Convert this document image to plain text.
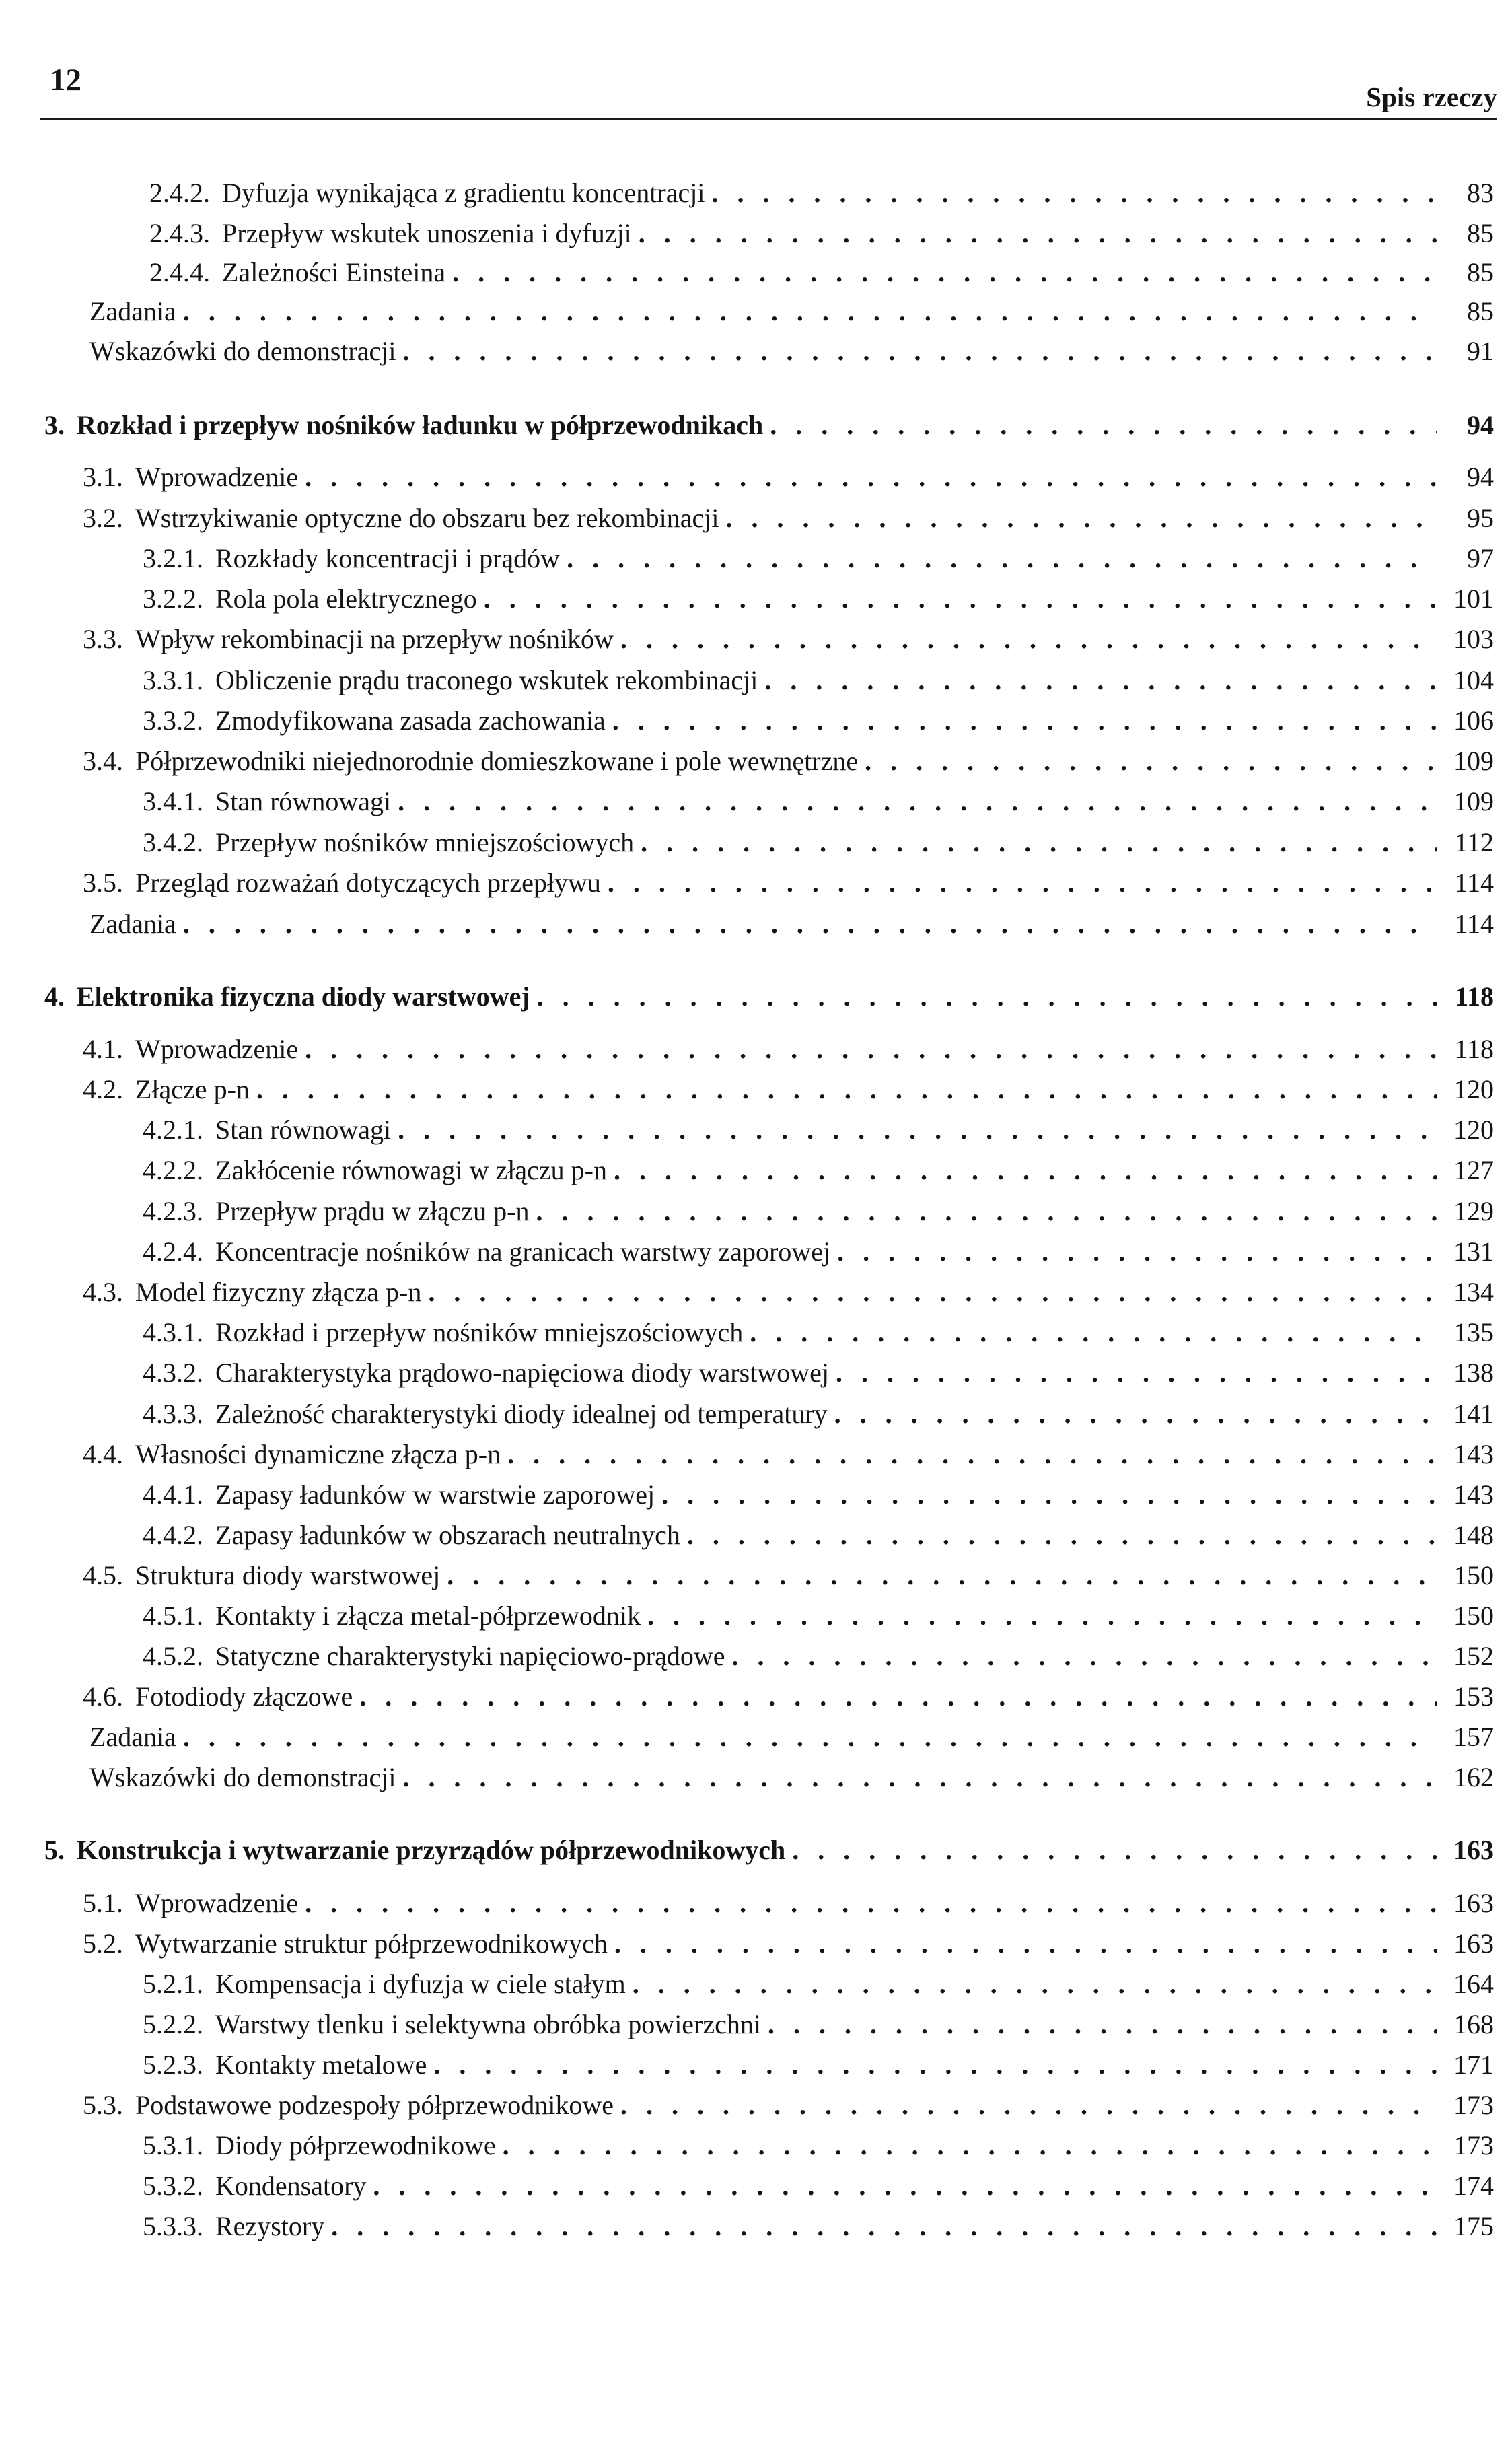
12	Spis rzeczy
2.4.2. Dyfuzja wynikająca z gradientu koncentracji . . .	83
2.4.3. Przepływ wskutek unoszenia i dyfuzji . . .	85
2.4.4. Zależności Einsteina . . .	85
Zadania . . .	85
Wskazówki do demonstracji . . .	91
3. Rozkład i przepływ nośników ładunku w półprzewodnikach . . .	94
3.1. Wprowadzenie . . .	94
3.2. Wstrzykiwanie optyczne do obszaru bez rekombinacji . . .	95
3.2.1. Rozkłady koncentracji i prądów . . .	97
3.2.2. Rola pola elektrycznego . . .	101
3.3. Wpływ rekombinacji na przepływ nośników . . .	103
3.3.1. Obliczenie prądu traconego wskutek rekombinacji . . .	104
3.3.2. Zmodyfikowana zasada zachowania . . .	106
3.4. Półprzewodniki niejednorodnie domieszkowane i pole wewnętrzne . . .	109
3.4.1. Stan równowagi . . .	109
3.4.2. Przepływ nośników mniejszościowych . . .	112
3.5. Przegląd rozważań dotyczących przepływu . . .	114
Zadania . . .	114
4. Elektronika fizyczna diody warstwowej . . .	118
4.1. Wprowadzenie . . .	118
4.2. Złącze p-n . . .	120
4.2.1. Stan równowagi . . .	120
4.2.2. Zakłócenie równowagi w złączu p-n . . .	127
4.2.3. Przepływ prądu w złączu p-n . . .	129
4.2.4. Koncentracje nośników na granicach warstwy zaporowej . . .	131
4.3. Model fizyczny złącza p-n . . .	134
4.3.1. Rozkład i przepływ nośników mniejszościowych . . .	135
4.3.2. Charakterystyka prądowo-napięciowa diody warstwowej . . .	138
4.3.3. Zależność charakterystyki diody idealnej od temperatury . . .	141
4.4. Własności dynamiczne złącza p-n . . .	143
4.4.1. Zapasy ładunków w warstwie zaporowej . . .	143
4.4.2. Zapasy ładunków w obszarach neutralnych . . .	148
4.5. Struktura diody warstwowej . . .	150
4.5.1. Kontakty i złącza metal-półprzewodnik . . .	150
4.5.2. Statyczne charakterystyki napięciowo-prądowe . . .	152
4.6. Fotodiody złączowe . . .	153
Zadania . . .	157
Wskazówki do demonstracji . . .	162
5. Konstrukcja i wytwarzanie przyrządów półprzewodnikowych . . .	163
5.1. Wprowadzenie . . .	163
5.2. Wytwarzanie struktur półprzewodnikowych . . .	163
5.2.1. Kompensacja i dyfuzja w ciele stałym . . .	164
5.2.2. Warstwy tlenku i selektywna obróbka powierzchni . . .	168
5.2.3. Kontakty metalowe . . .	171
5.3. Podstawowe podzespoły półprzewodnikowe . . .	173
5.3.1. Diody półprzewodnikowe . . .	173
5.3.2. Kondensatory . . .	174
5.3.3. Rezystory . . .	175
